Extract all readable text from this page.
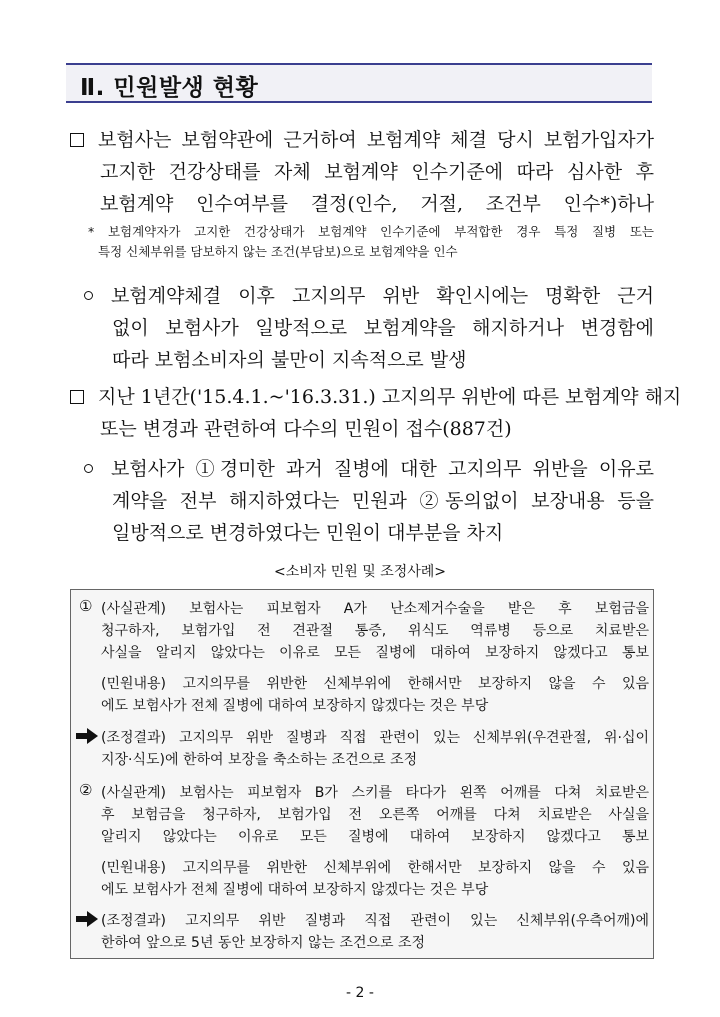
Ⅱ. 민원발생 현황
보험사는 보험약관에 근거하여 보험계약 체결 당시 보험가입자가
고지한 건강상태를 자체 보험계약 인수기준에 따라 심사한 후
보험계약 인수여부를 결정(인수, 거절, 조건부 인수*)하나
* 보험계약자가 고지한 건강상태가 보험계약 인수기준에 부적합한 경우 특정 질병 또는
특정 신체부위를 담보하지 않는 조건(부담보)으로 보험계약을 인수
보험계약체결 이후 고지의무 위반 확인시에는 명확한 근거
없이 보험사가 일방적으로 보험계약을 해지하거나 변경함에
따라 보험소비자의 불만이 지속적으로 발생
지난 1년간('15.4.1.~'16.3.31.) 고지의무 위반에 따른 보험계약 해지
또는 변경과 관련하여 다수의 민원이 접수(887건)
보험사가 ①경미한 과거 질병에 대한 고지의무 위반을 이유로
계약을 전부 해지하였다는 민원과 ②동의없이 보장내용 등을
일방적으로 변경하였다는 민원이 대부분을 차지
<소비자 민원 및 조정사례>
① (사실관계) 보험사는 피보험자 A가 난소제거수술을 받은 후 보험금을
청구하자, 보험가입 전 견관절 통증, 위식도 역류병 등으로 치료받은
사실을 알리지 않았다는 이유로 모든 질병에 대하여 보장하지 않겠다고 통보
(민원내용) 고지의무를 위반한 신체부위에 한해서만 보장하지 않을 수 있음
에도 보험사가 전체 질병에 대하여 보장하지 않겠다는 것은 부당
(조정결과) 고지의무 위반 질병과 직접 관련이 있는 신체부위(우견관절, 위·십이
지장·식도)에 한하여 보장을 축소하는 조건으로 조정
② (사실관계) 보험사는 피보험자 B가 스키를 타다가 왼쪽 어깨를 다쳐 치료받은
후 보험금을 청구하자, 보험가입 전 오른쪽 어깨를 다쳐 치료받은 사실을
알리지 않았다는 이유로 모든 질병에 대하여 보장하지 않겠다고 통보
(민원내용) 고지의무를 위반한 신체부위에 한해서만 보장하지 않을 수 있음
에도 보험사가 전체 질병에 대하여 보장하지 않겠다는 것은 부당
(조정결과) 고지의무 위반 질병과 직접 관련이 있는 신체부위(우측어깨)에
한하여 앞으로 5년 동안 보장하지 않는 조건으로 조정
- 2 -
